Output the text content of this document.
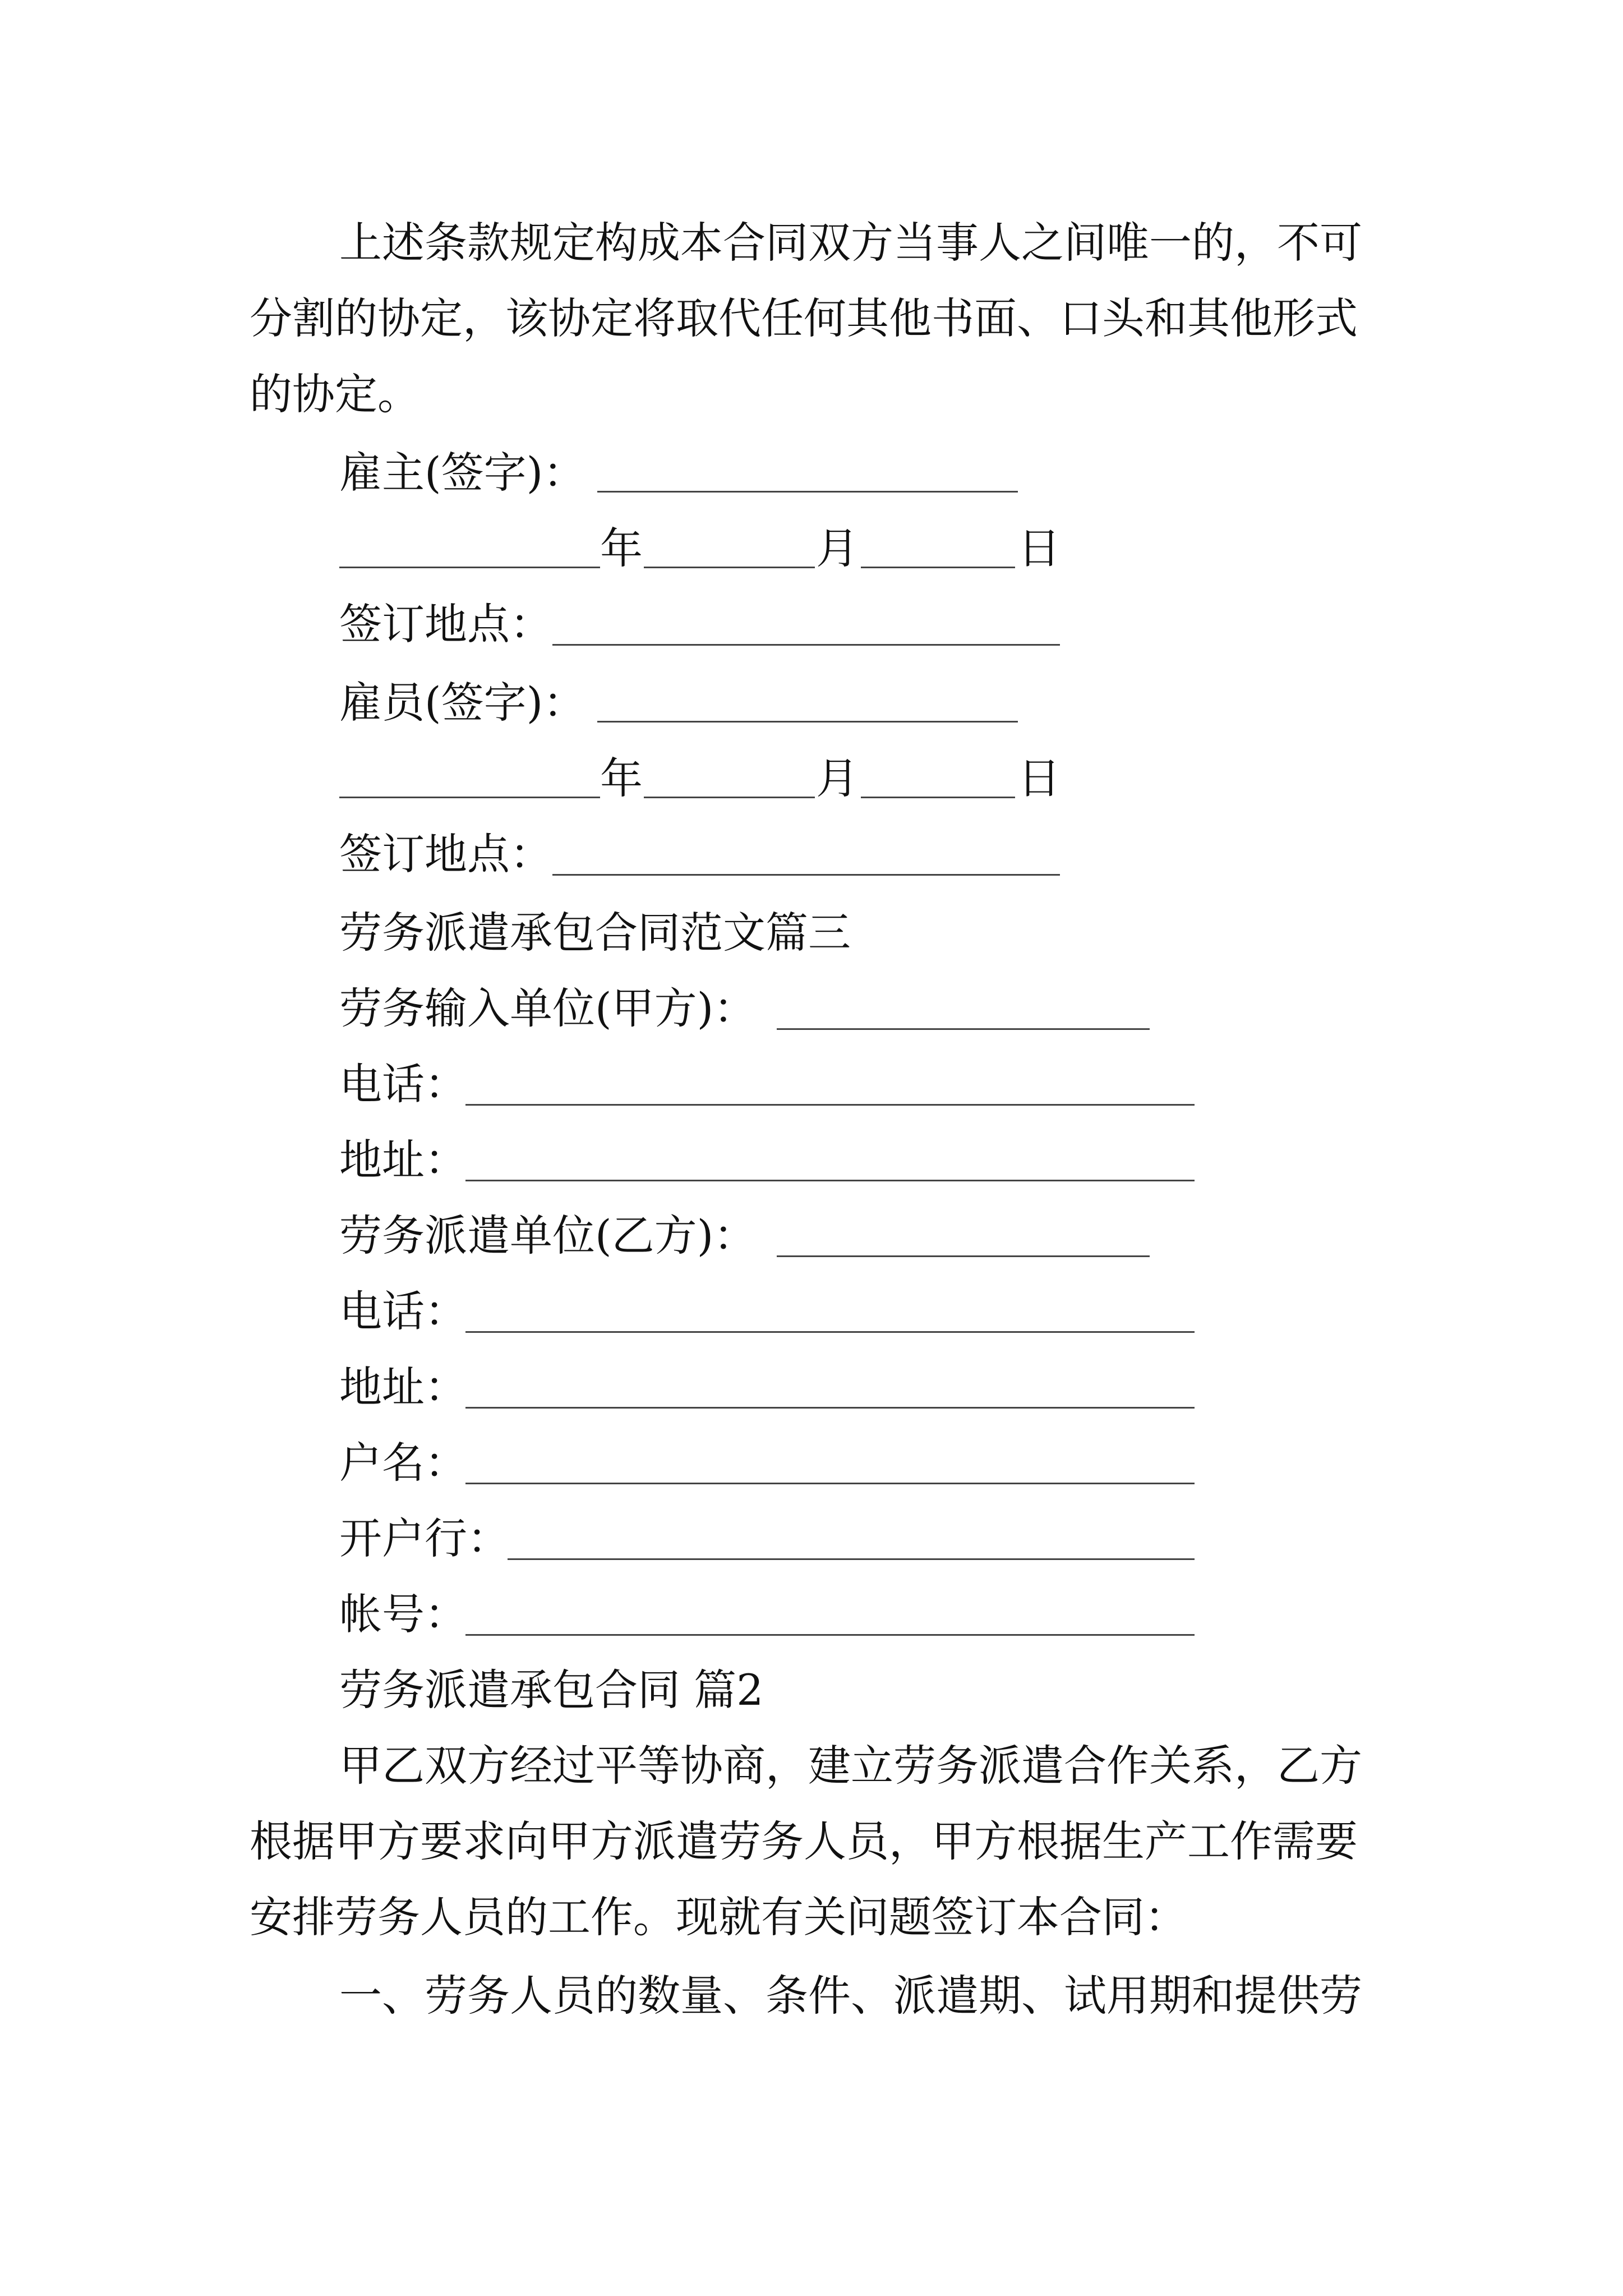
上述条款规定构成本合同双方当事人之间唯一的，不可
分割的协定，该协定将取代任何其他书面、口头和其他形式
的协定。
雇主(签字)：
年	月	日
签订地点：
雇员(签字)：
年	月	日
签订地点：
劳务派遣承包合同范文篇三
劳务输入单位(甲方)：
电话：
地址：
劳务派遣单位(乙方)：
电话：
地址：
户名：
开户行：
帐号：
劳务派遣承包合同 篇2
甲乙双方经过平等协商，建立劳务派遣合作关系，乙方
根据甲方要求向甲方派遣劳务人员，甲方根据生产工作需要
安排劳务人员的工作。现就有关问题签订本合同：
一、劳务人员的数量、条件、派遣期、试用期和提供劳
